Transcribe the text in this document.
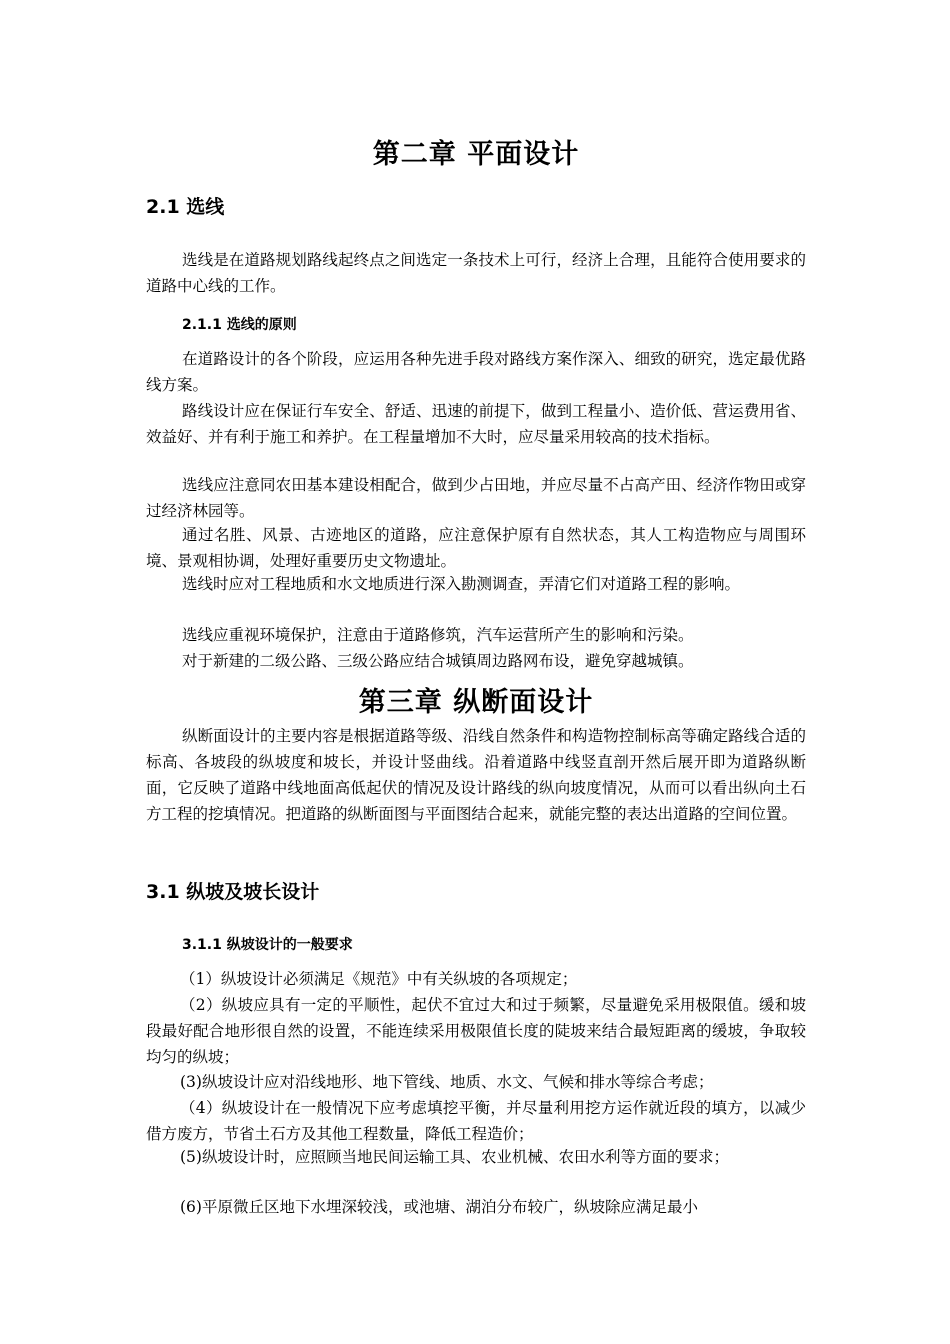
第二章 平面设计
2.1 选线

选线是在道路规划路线起终点之间选定一条技术上可行，经济上合理，且能符合使用要求的道路中心线的工作。

2.1.1 选线的原则

在道路设计的各个阶段，应运用各种先进手段对路线方案作深入、细致的研究，选定最优路线方案。

路线设计应在保证行车安全、舒适、迅速的前提下，做到工程量小、造价低、营运费用省、效益好、并有利于施工和养护。在工程量增加不大时，应尽量采用较高的技术指标。

选线应注意同农田基本建设相配合，做到少占田地，并应尽量不占高产田、经济作物田或穿过经济林园等。

通过名胜、风景、古迹地区的道路，应注意保护原有自然状态，其人工构造物应与周围环境、景观相协调，处理好重要历史文物遗址。

选线时应对工程地质和水文地质进行深入勘测调查，弄清它们对道路工程的影响。

选线应重视环境保护，注意由于道路修筑，汽车运营所产生的影响和污染。

对于新建的二级公路、三级公路应结合城镇周边路网布设，避免穿越城镇。

第三章 纵断面设计

纵断面设计的主要内容是根据道路等级、沿线自然条件和构造物控制标高等确定路线合适的标高、各坡段的纵坡度和坡长，并设计竖曲线。沿着道路中线竖直剖开然后展开即为道路纵断面，它反映了道路中线地面高低起伏的情况及设计路线的纵向坡度情况，从而可以看出纵向土石方工程的挖填情况。把道路的纵断面图与平面图结合起来，就能完整的表达出道路的空间位置。

3.1 纵坡及坡长设计
3.1.1 纵坡设计的一般要求

（1）纵坡设计必须满足《规范》中有关纵坡的各项规定；

（2）纵坡应具有一定的平顺性，起伏不宜过大和过于频繁，尽量避免采用极限值。缓和坡段最好配合地形很自然的设置，不能连续采用极限值长度的陡坡来结合最短距离的缓坡，争取较均匀的纵坡；

(3)纵坡设计应对沿线地形、地下管线、地质、水文、气候和排水等综合考虑；

（4）纵坡设计在一般情况下应考虑填挖平衡，并尽量利用挖方运作就近段的填方，以减少借方废方，节省土石方及其他工程数量，降低工程造价；

(5)纵坡设计时，应照顾当地民间运输工具、农业机械、农田水利等方面的要求；

(6)平原微丘区地下水埋深较浅，或池塘、湖泊分布较广，纵坡除应满足最小
